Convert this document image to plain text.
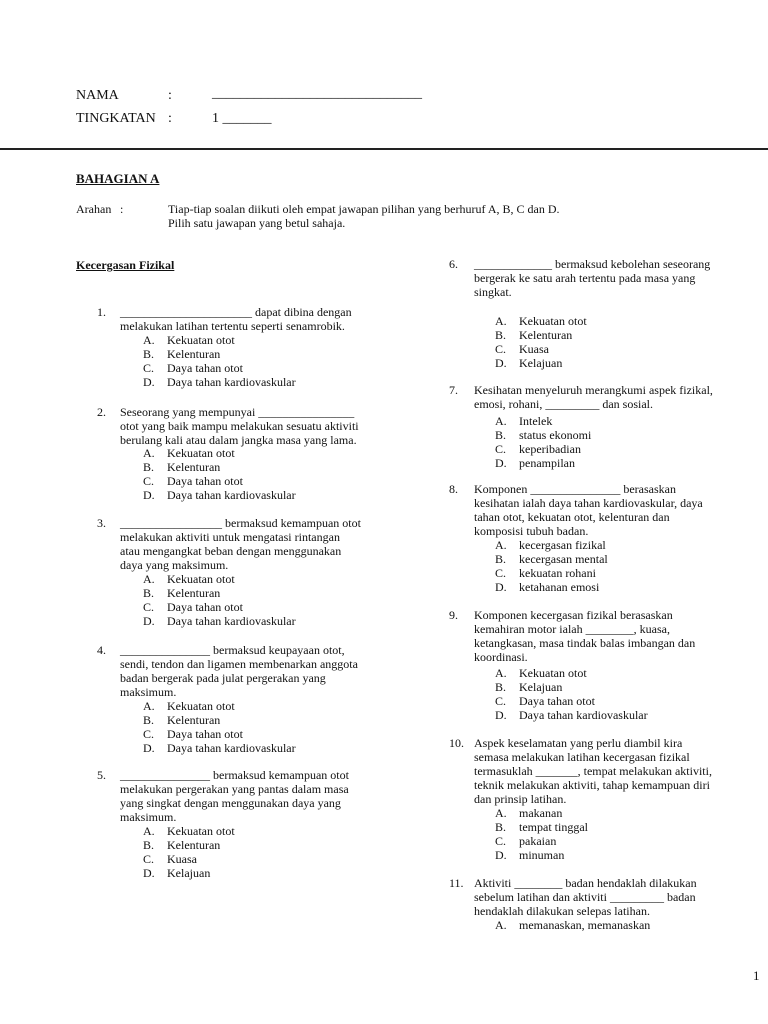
NAMA	:	______________________________
TINGKATAN :	1 _______
BAHAGIAN A
Arahan :	Tiap-tiap soalan diikuti oleh empat jawapan pilihan yang berhuruf A, B, C dan D.
Pilih satu jawapan yang betul sahaja.
Kecergasan Fizikal
1. ______________________ dapat dibina dengan
melakukan latihan tertentu seperti senamrobik.
A. Kekuatan otot
B. Kelenturan
C. Daya tahan otot
D. Daya tahan kardiovaskular
2. Seseorang yang mempunyai ________________
otot yang baik mampu melakukan sesuatu aktiviti
berulang kali atau dalam jangka masa yang lama.
A. Kekuatan otot
B. Kelenturan
C. Daya tahan otot
D. Daya tahan kardiovaskular
3. _________________ bermaksud kemampuan otot
melakukan aktiviti untuk mengatasi rintangan
atau mengangkat beban dengan menggunakan
daya yang maksimum.
A. Kekuatan otot
B. Kelenturan
C. Daya tahan otot
D. Daya tahan kardiovaskular
4. _______________ bermaksud keupayaan otot,
sendi, tendon dan ligamen membenarkan anggota
badan bergerak pada julat pergerakan yang
maksimum.
A. Kekuatan otot
B. Kelenturan
C. Daya tahan otot
D. Daya tahan kardiovaskular
5. _______________ bermaksud kemampuan otot
melakukan pergerakan yang pantas dalam masa
yang singkat dengan menggunakan daya yang
maksimum.
A. Kekuatan otot
B. Kelenturan
C. Kuasa
D. Kelajuan
6. _____________ bermaksud kebolehan seseorang
bergerak ke satu arah tertentu pada masa yang
singkat.
A. Kekuatan otot
B. Kelenturan
C. Kuasa
D. Kelajuan
7. Kesihatan menyeluruh merangkumi aspek fizikal,
emosi, rohani, _________ dan sosial.
A. Intelek
B. status ekonomi
C. keperibadian
D. penampilan
8. Komponen _______________ berasaskan
kesihatan ialah daya tahan kardiovaskular, daya
tahan otot, kekuatan otot, kelenturan dan
komposisi tubuh badan.
A. kecergasan fizikal
B. kecergasan mental
C. kekuatan rohani
D. ketahanan emosi
9. Komponen kecergasan fizikal berasaskan
kemahiran motor ialah ________, kuasa,
ketangkasan, masa tindak balas imbangan dan
koordinasi.
A. Kekuatan otot
B. Kelajuan
C. Daya tahan otot
D. Daya tahan kardiovaskular
10. Aspek keselamatan yang perlu diambil kira
semasa melakukan latihan kecergasan fizikal
termasuklah _______, tempat melakukan aktiviti,
teknik melakukan aktiviti, tahap kemampuan diri
dan prinsip latihan.
A. makanan
B. tempat tinggal
C. pakaian
D. minuman
11. Aktiviti ________ badan hendaklah dilakukan
sebelum latihan dan aktiviti _________ badan
hendaklah dilakukan selepas latihan.
A. memanaskan, memanaskan
1
